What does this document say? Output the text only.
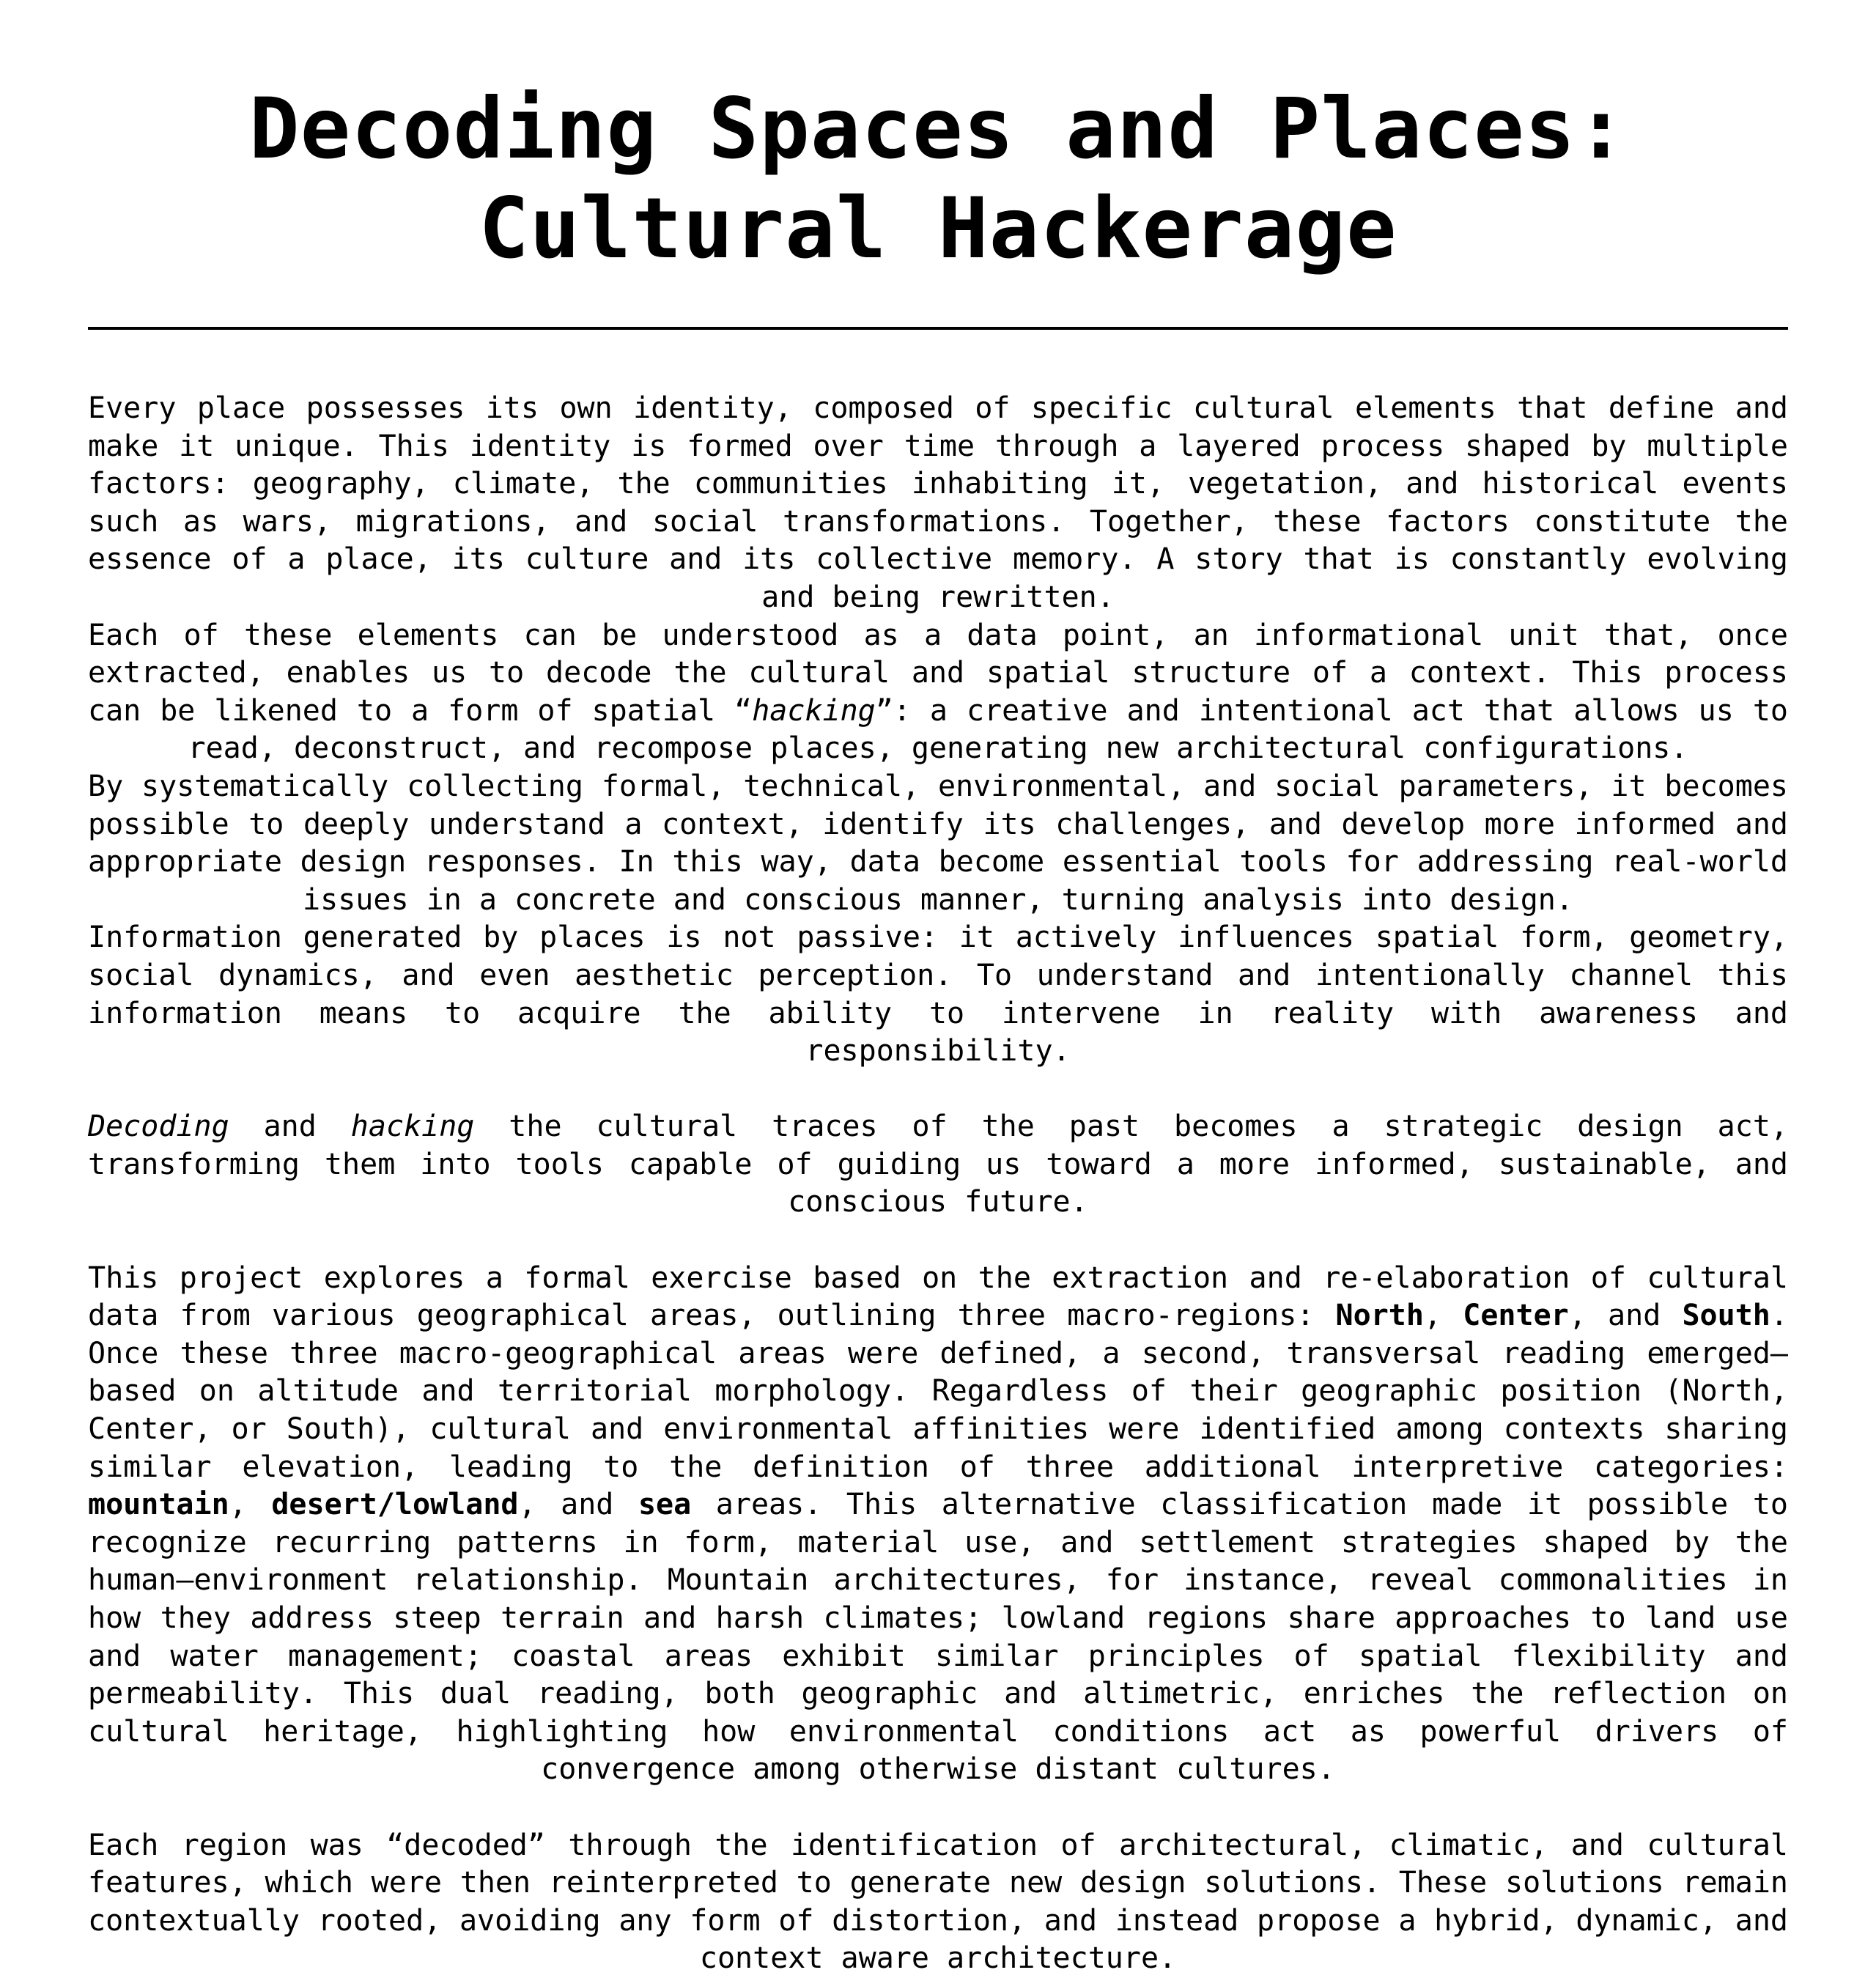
Decoding Spaces and Places:
Cultural Hackerage

Every place possesses its own identity, composed of specific cultural elements that define and make it unique. This identity is formed over time through a layered process shaped by multiple factors: geography, climate, the communities inhabiting it, vegetation, and historical events such as wars, migrations, and social transformations. Together, these factors constitute the essence of a place, its culture and its collective memory. A story that is constantly evolving and being rewritten.

Each of these elements can be understood as a data point, an informational unit that, once extracted, enables us to decode the cultural and spatial structure of a context. This process can be likened to a form of spatial “hacking”: a creative and intentional act that allows us to read, deconstruct, and recompose places, generating new architectural configurations.

By systematically collecting formal, technical, environmental, and social parameters, it becomes possible to deeply understand a context, identify its challenges, and develop more informed and appropriate design responses. In this way, data become essential tools for addressing real-world issues in a concrete and conscious manner, turning analysis into design.

Information generated by places is not passive: it actively influences spatial form, geometry, social dynamics, and even aesthetic perception. To understand and intentionally channel this information means to acquire the ability to intervene in reality with awareness and responsibility.

Decoding and hacking the cultural traces of the past becomes a strategic design act, transforming them into tools capable of guiding us toward a more informed, sustainable, and conscious future.

This project explores a formal exercise based on the extraction and re-elaboration of cultural data from various geographical areas, outlining three macro-regions: North, Center, and South. Once these three macro-geographical areas were defined, a second, transversal reading emerged—based on altitude and territorial morphology. Regardless of their geographic position (North, Center, or South), cultural and environmental affinities were identified among contexts sharing similar elevation, leading to the definition of three additional interpretive categories: mountain, desert/lowland, and sea areas. This alternative classification made it possible to recognize recurring patterns in form, material use, and settlement strategies shaped by the human–environment relationship. Mountain architectures, for instance, reveal commonalities in how they address steep terrain and harsh climates; lowland regions share approaches to land use and water management; coastal areas exhibit similar principles of spatial flexibility and permeability. This dual reading, both geographic and altimetric, enriches the reflection on cultural heritage, highlighting how environmental conditions act as powerful drivers of convergence among otherwise distant cultures.

Each region was “decoded” through the identification of architectural, climatic, and cultural features, which were then reinterpreted to generate new design solutions. These solutions remain contextually rooted, avoiding any form of distortion, and instead propose a hybrid, dynamic, and context aware architecture.
